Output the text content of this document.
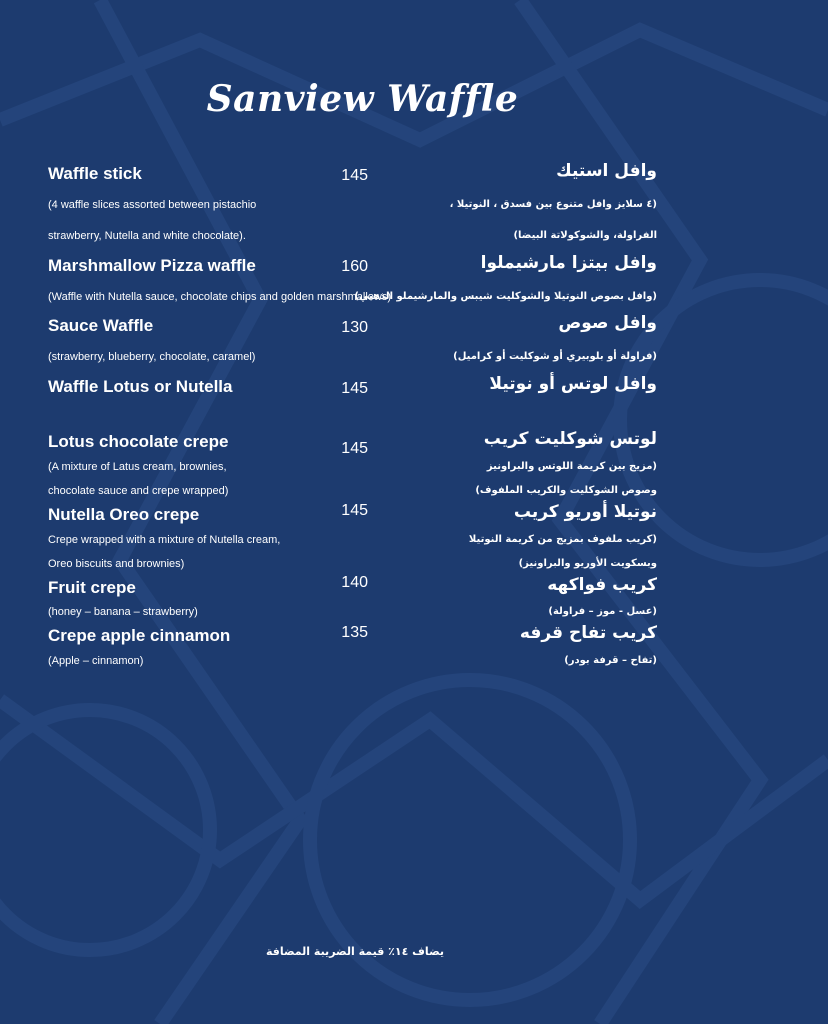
Sanview Waffle
Waffle stick	145	وافل استيك
(4 waffle slices assorted between pistachio
strawberry, Nutella and white chocolate).
(٤ سلايز وافل متنوع بين فسدق ، النوتيلا ،
الفراولة، والشوكولاتة البيضا)
Marshmallow Pizza waffle	160	وافل بيتزا مارشيملوا
(Waffle with Nutella sauce, chocolate chips and golden marshmallows)
(وافل بصوص النوتيلا والشوكليت شيبس والمارشيملو الذهبي)
Sauce Waffle	130	وافل صوص
(strawberry, blueberry, chocolate, caramel)	(فراولة أو بلوبيري أو شوكليت أو كراميل)
Waffle Lotus or Nutella	145	وافل لوتس أو نوتيلا
Lotus chocolate crepe	145	لوتس شوكليت كريب
(A mixture of Latus cream, brownies,
chocolate sauce and crepe wrapped)
(مزيج بين كريمة اللوتس والبراونيز
وصوص الشوكليت والكريب الملفوف)
Nutella Oreo crepe	145	نوتيلا أوريو كريب
Crepe wrapped with a mixture of Nutella cream,
Oreo biscuits and brownies)
(كريب ملفوف بمزيج من كريمة النوتيلا
وبسكويت الأوريو والبراونيز)
Fruit crepe	140	كريب فواكهه
(honey – banana – strawberry)	(عسل - موز – فراولة)
Crepe apple cinnamon	135	كريب تفاح قرفه
(Apple – cinnamon)	(تفاح – قرفة بودر)
يضاف ١٤٪ قيمة الضريبة المضافة
